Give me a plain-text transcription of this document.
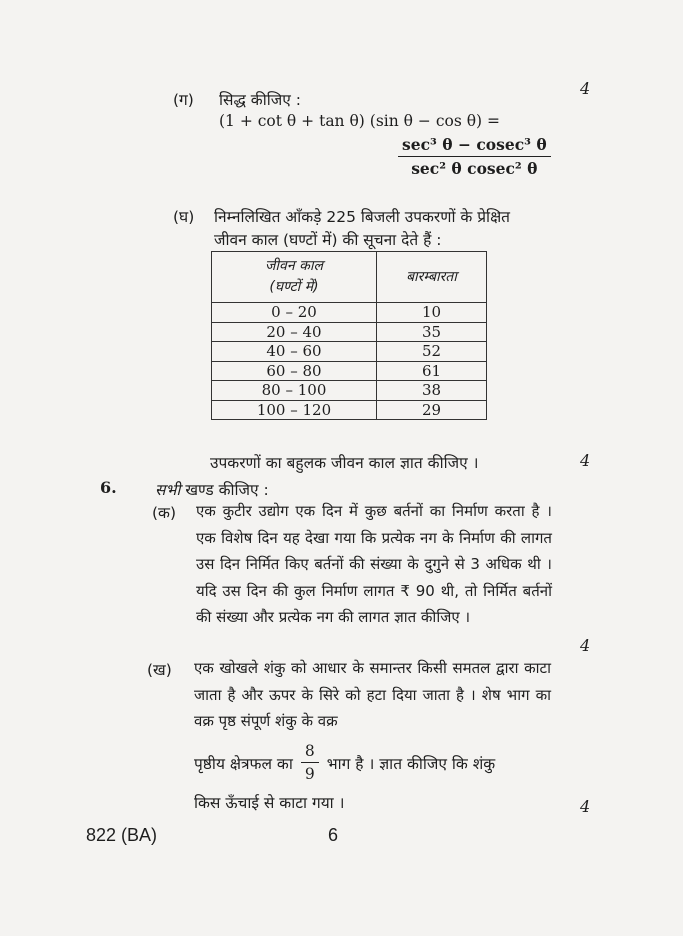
(ग) सिद्ध कीजिए :
4
(1 + cot θ + tan θ) (sin θ − cos θ) =
$\frac{\text{sec³ θ − cosec³ θ}}{\text{sec² θ cosec² θ}}$
(घ) निम्नलिखित आँकड़े 225 बिजली उपकरणों के प्रेक्षित
जीवन काल (घण्टों में) की सूचना देते हैं :
जीवन काल
(घण्टों में)	बारम्बारता
0 – 20	10
20 – 40	35
40 – 60	52
60 – 80	61
80 – 100	38
100 – 120	29
उपकरणों का बहुलक जीवन काल ज्ञात कीजिए ।	4
6. सभी खण्ड कीजिए :
(क) एक कुटीर उद्योग एक दिन में कुछ बर्तनों का निर्माण करता है । एक विशेष दिन यह देखा गया कि प्रत्येक नग के निर्माण की लागत उस दिन निर्मित किए बर्तनों की संख्या के दुगुने से 3 अधिक थी । यदि उस दिन की कुल निर्माण लागत ₹ 90 थी, तो निर्मित बर्तनों की संख्या और प्रत्येक नग की लागत ज्ञात कीजिए ।
4
(ख) एक खोखले शंकु को आधार के समान्तर किसी समतल द्वारा काटा जाता है और ऊपर के सिरे को हटा दिया जाता है । शेष भाग का वक्र पृष्ठ संपूर्ण शंकु के वक्र
पृष्ठीय क्षेत्रफल का $\frac{8}{9}$ भाग है । ज्ञात कीजिए कि शंकु
किस ऊँचाई से काटा गया ।	4
822 (BA)	6
